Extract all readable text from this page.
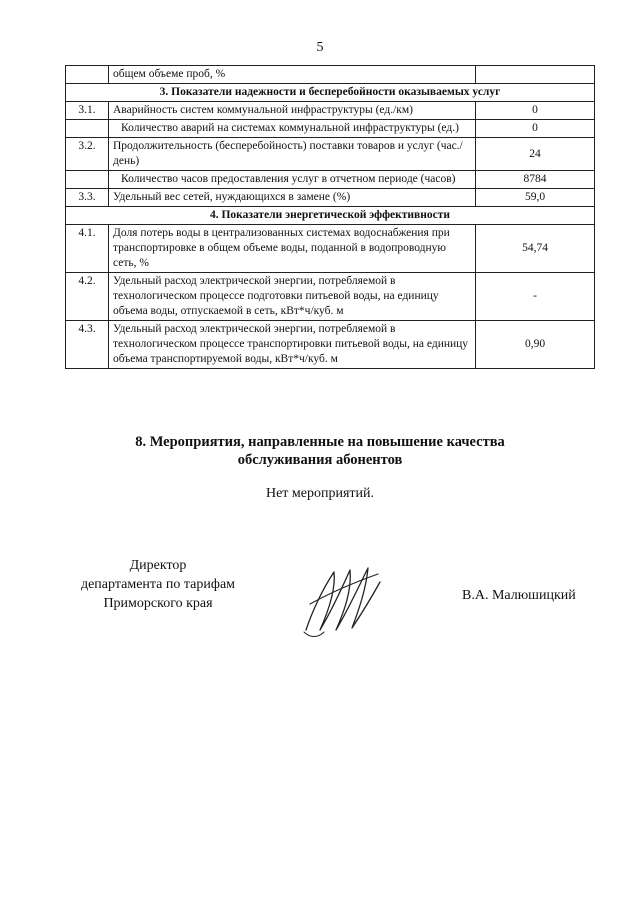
5
	общем объеме проб, %	
3. Показатели надежности и бесперебойности оказываемых услуг		
3.1.	Аварийность систем коммунальной инфраструктуры (ед./км)	0
	Количество аварий на системах коммунальной инфраструктуры (ед.)	0
3.2.	Продолжительность (бесперебойность) поставки товаров и услуг (час./день)	24
	Количество часов предоставления услуг в отчетном периоде (часов)	8784
3.3.	Удельный вес сетей, нуждающихся в замене (%)	59,0
4. Показатели энергетической эффективности		
4.1.	Доля потерь воды в централизованных системах водоснабжения при транспортировке в общем объеме воды, поданной в водопроводную сеть, %	54,74
4.2.	Удельный расход электрической энергии, потребляемой в технологическом процессе подготовки питьевой воды, на единицу объема воды, отпускаемой в сеть, кВт*ч/куб. м	-
4.3.	Удельный расход электрической энергии, потребляемой в технологическом процессе транспортировки питьевой воды, на единицу объема транспортируемой воды, кВт*ч/куб. м	0,90
8. Мероприятия, направленные на повышение качества
обслуживания абонентов
Нет мероприятий.
Директор
департамента по тарифам
Приморского края
В.А. Малюшицкий
